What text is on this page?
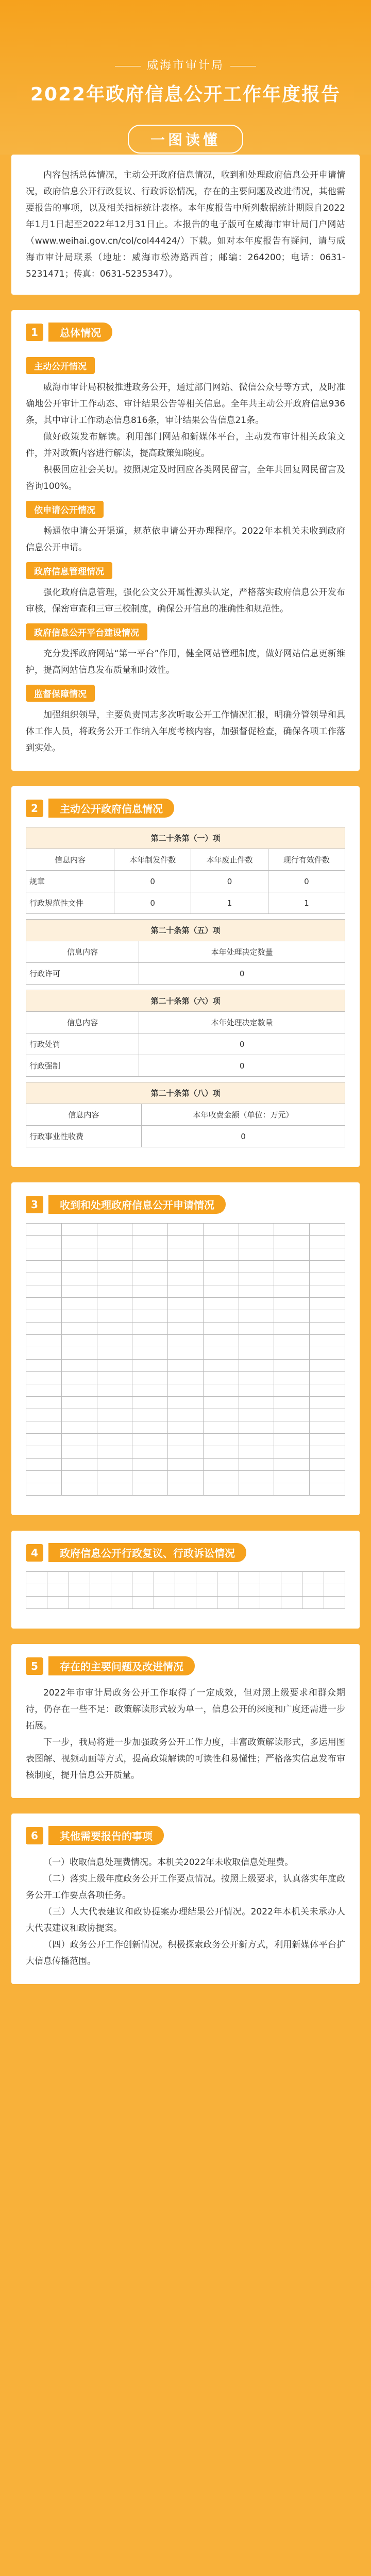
威海市审计局
2022年政府信息公开工作年度报告
一图读懂
内容包括总体情况，主动公开政府信息情况，收到和处理政府信息公开申请情况，政府信息公开行政复议、行政诉讼情况，存在的主要问题及改进情况，其他需要报告的事项，以及相关指标统计表格。本年度报告中所列数据统计期限自2022年1月1日起至2022年12月31日止。本报告的电子版可在威海市审计局门户网站（www.weihai.gov.cn/col/col44424/）下载。如对本年度报告有疑问，请与威海市审计局联系（地址：威海市松涛路西首；邮编：264200；电话：0631-5231471；传真：0631-5235347）。
1	总体情况
主动公开情况

威海市审计局积极推进政务公开，通过部门网站、微信公众号等方式，及时准确地公开审计工作动态、审计结果公告等相关信息。全年共主动公开政府信息936条，其中审计工作动态信息816条，审计结果公告信息21条。

做好政策发布解读。利用部门网站和新媒体平台，主动发布审计相关政策文件，并对政策内容进行解读，提高政策知晓度。

积极回应社会关切。按照规定及时回应各类网民留言，全年共回复网民留言及咨询100%。

依申请公开情况

畅通依申请公开渠道，规范依申请公开办理程序。2022年本机关未收到政府信息公开申请。

政府信息管理情况

强化政府信息管理，强化公文公开属性源头认定，严格落实政府信息公开发布审核，保密审查和三审三校制度，确保公开信息的准确性和规范性。

政府信息公开平台建设情况

充分发挥政府网站“第一平台”作用，健全网站管理制度，做好网站信息更新维护，提高网站信息发布质量和时效性。

监督保障情况

加强组织领导，主要负责同志多次听取公开工作情况汇报，明确分管领导和具体工作人员，将政务公开工作纳入年度考核内容，加强督促检查，确保各项工作落到实处。

2	主动公开政府信息情况
第二十条第（一）项			
信息内容	本年制发件数	本年废止件数	现行有效件数
规章	0	0	0
行政规范性文件	0	1	1
第二十条第（五）项	
信息内容	本年处理决定数量
行政许可	0
第二十条第（六）项	
信息内容	本年处理决定数量
行政处罚	0
行政强制	0
第二十条第（八）项	
信息内容	本年收费金额（单位：万元）
行政事业性收费	0
3	收到和处理政府信息公开申请情况

4	政府信息公开行政复议、行政诉讼情况

5	存在的主要问题及改进情况

2022年市审计局政务公开工作取得了一定成效，但对照上级要求和群众期待，仍存在一些不足：政策解读形式较为单一，信息公开的深度和广度还需进一步拓展。

下一步，我局将进一步加强政务公开工作力度，丰富政策解读形式，多运用图表图解、视频动画等方式，提高政策解读的可读性和易懂性；严格落实信息发布审核制度，提升信息公开质量。

6	其他需要报告的事项

（一）收取信息处理费情况。本机关2022年未收取信息处理费。

（二）落实上级年度政务公开工作要点情况。按照上级要求，认真落实年度政务公开工作要点各项任务。

（三）人大代表建议和政协提案办理结果公开情况。2022年本机关未承办人大代表建议和政协提案。

（四）政务公开工作创新情况。积极探索政务公开新方式，利用新媒体平台扩大信息传播范围。
